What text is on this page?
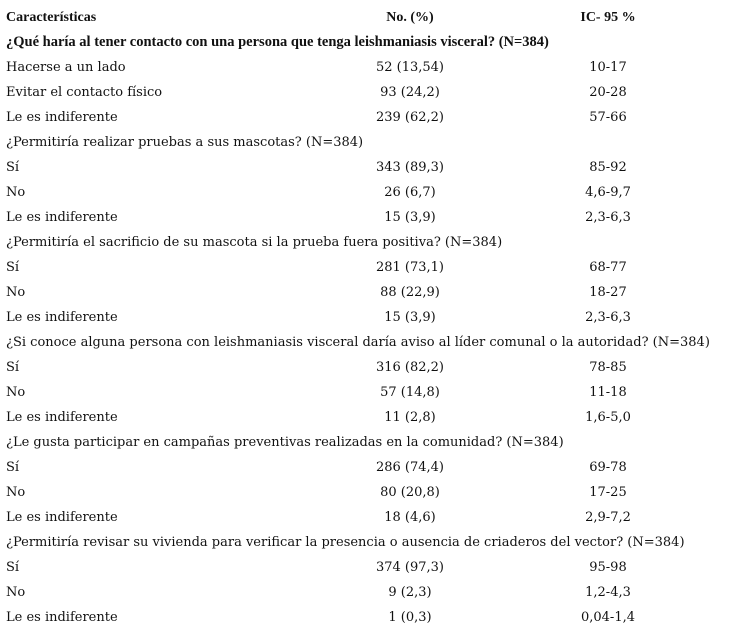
Características	No. (%)	IC- 95 %
¿Qué haría al tener contacto con una persona que tenga leishmaniasis visceral? (N=384)
Hacerse a un lado	52 (13,54)	10-17
Evitar el contacto físico	93 (24,2)	20-28
Le es indiferente	239 (62,2)	57-66
¿Permitiría realizar pruebas a sus mascotas? (N=384)
Sí	343 (89,3)	85-92
No	26 (6,7)	4,6-9,7
Le es indiferente	15 (3,9)	2,3-6,3
¿Permitiría el sacrificio de su mascota si la prueba fuera positiva? (N=384)
Sí	281 (73,1)	68-77
No	88 (22,9)	18-27
Le es indiferente	15 (3,9)	2,3-6,3
¿Si conoce alguna persona con leishmaniasis visceral daría aviso al líder comunal o la autoridad? (N=384)
Sí	316 (82,2)	78-85
No	57 (14,8)	11-18
Le es indiferente	11 (2,8)	1,6-5,0
¿Le gusta participar en campañas preventivas realizadas en la comunidad? (N=384)
Sí	286 (74,4)	69-78
No	80 (20,8)	17-25
Le es indiferente	18 (4,6)	2,9-7,2
¿Permitiría revisar su vivienda para verificar la presencia o ausencia de criaderos del vector? (N=384)
Sí	374 (97,3)	95-98
No	9 (2,3)	1,2-4,3
Le es indiferente	1 (0,3)	0,04-1,4
